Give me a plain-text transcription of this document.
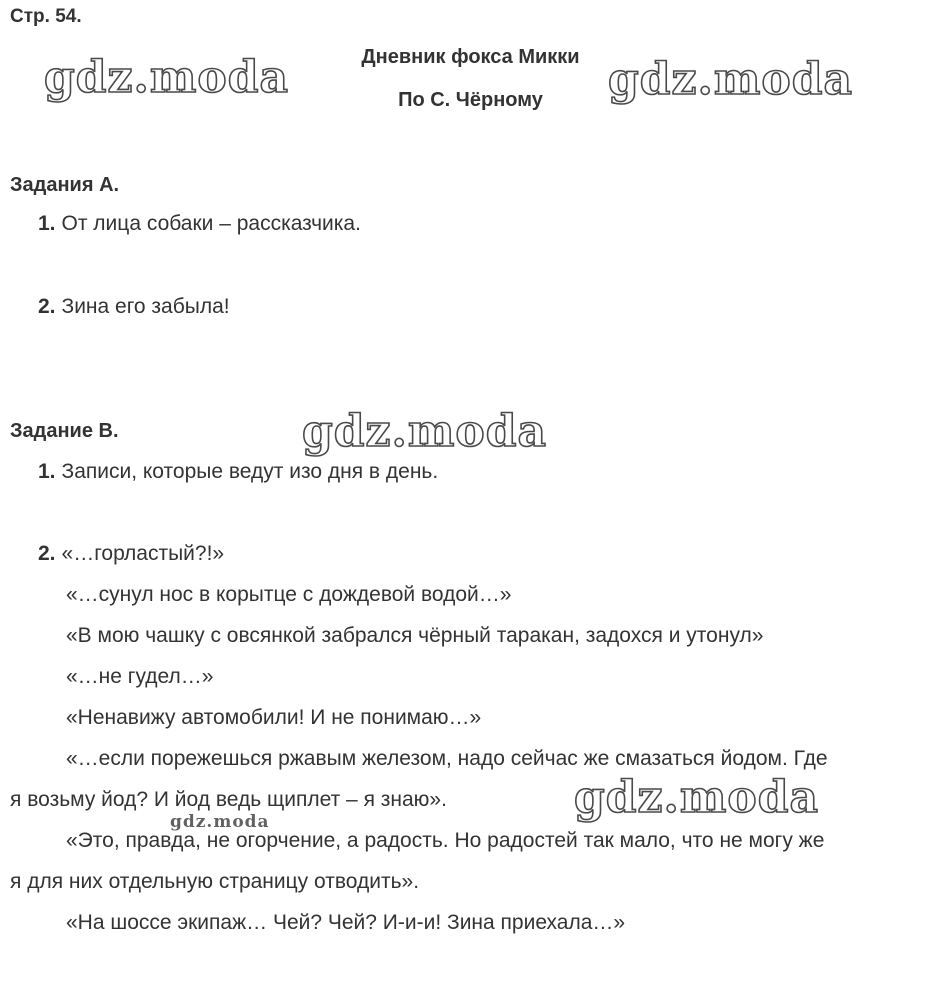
Стр. 54.
Дневник фокса Микки
По С. Чёрному
gdz.moda	gdz.moda
gdz.moda
gdz.moda
gdz.moda
Задания А.
1. От лица собаки – рассказчика.
2. Зина его забыла!
Задание В.
1. Записи, которые ведут изо дня в день.
2. «…горластый?!»
«…сунул нос в корытце с дождевой водой…»
«В мою чашку с овсянкой забрался чёрный таракан, задохся и утонул»
«…не гудел…»
«Ненавижу автомобили! И не понимаю…»
«…если порежешься ржавым железом, надо сейчас же смазаться йодом. Где
я возьму йод? И йод ведь щиплет – я знаю».
«Это, правда, не огорчение, а радость. Но радостей так мало, что не могу же
я для них отдельную страницу отводить».
«На шоссе экипаж… Чей? Чей? И-и-и! Зина приехала…»
